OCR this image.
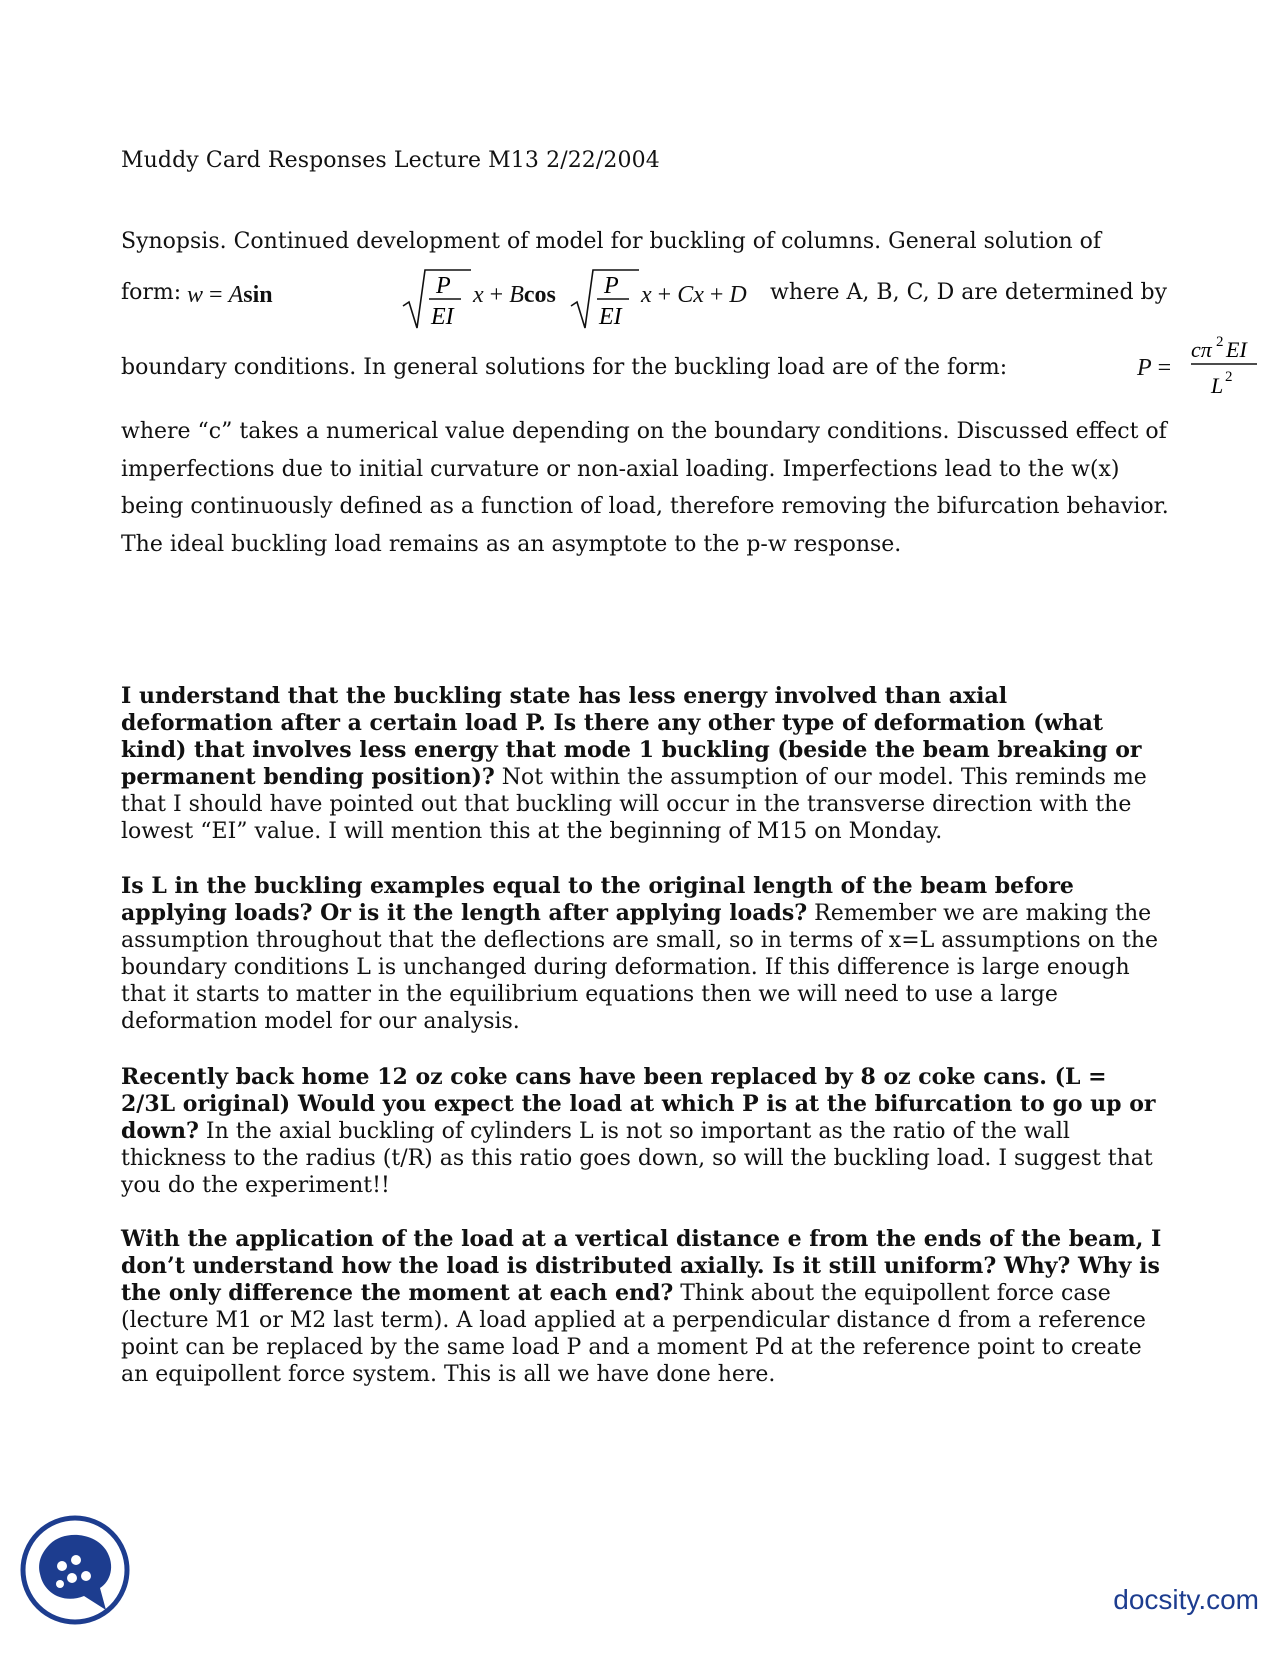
Muddy Card Responses Lecture M13 2/22/2004
Synopsis. Continued development of model for buckling of columns. General solution of
form: w = Asin	P
EI
x + Bcos P
EI
x + Cx + D where A, B, C, D are determined by
boundary conditions. In general solutions for the buckling load are of the form:	P =
cπ 2 EI
L 2
where “c” takes a numerical value depending on the boundary conditions. Discussed effect of imperfections due to initial curvature or non-axial loading. Imperfections lead to the w(x) being continuously defined as a function of load, therefore removing the bifurcation behavior. The ideal buckling load remains as an asymptote to the p-w response.
I understand that the buckling state has less energy involved than axial deformation after a certain load P. Is there any other type of deformation (what kind) that involves less energy that mode 1 buckling (beside the beam breaking or permanent bending position)? Not within the assumption of our model. This reminds me that I should have pointed out that buckling will occur in the transverse direction with the lowest “EI” value. I will mention this at the beginning of M15 on Monday.
Is L in the buckling examples equal to the original length of the beam before applying loads? Or is it the length after applying loads? Remember we are making the assumption throughout that the deflections are small, so in terms of x=L assumptions on the boundary conditions L is unchanged during deformation. If this difference is large enough that it starts to matter in the equilibrium equations then we will need to use a large deformation model for our analysis.
Recently back home 12 oz coke cans have been replaced by 8 oz coke cans. (L = 2/3L original) Would you expect the load at which P is at the bifurcation to go up or down? In the axial buckling of cylinders L is not so important as the ratio of the wall thickness to the radius (t/R) as this ratio goes down, so will the buckling load. I suggest that you do the experiment!!
With the application of the load at a vertical distance e from the ends of the beam, I don’t understand how the load is distributed axially. Is it still uniform? Why? Why is the only difference the moment at each end? Think about the equipollent force case (lecture M1 or M2 last term). A load applied at a perpendicular distance d from a reference point can be replaced by the same load P and a moment Pd at the reference point to create an equipollent force system. This is all we have done here.
docsity.com
